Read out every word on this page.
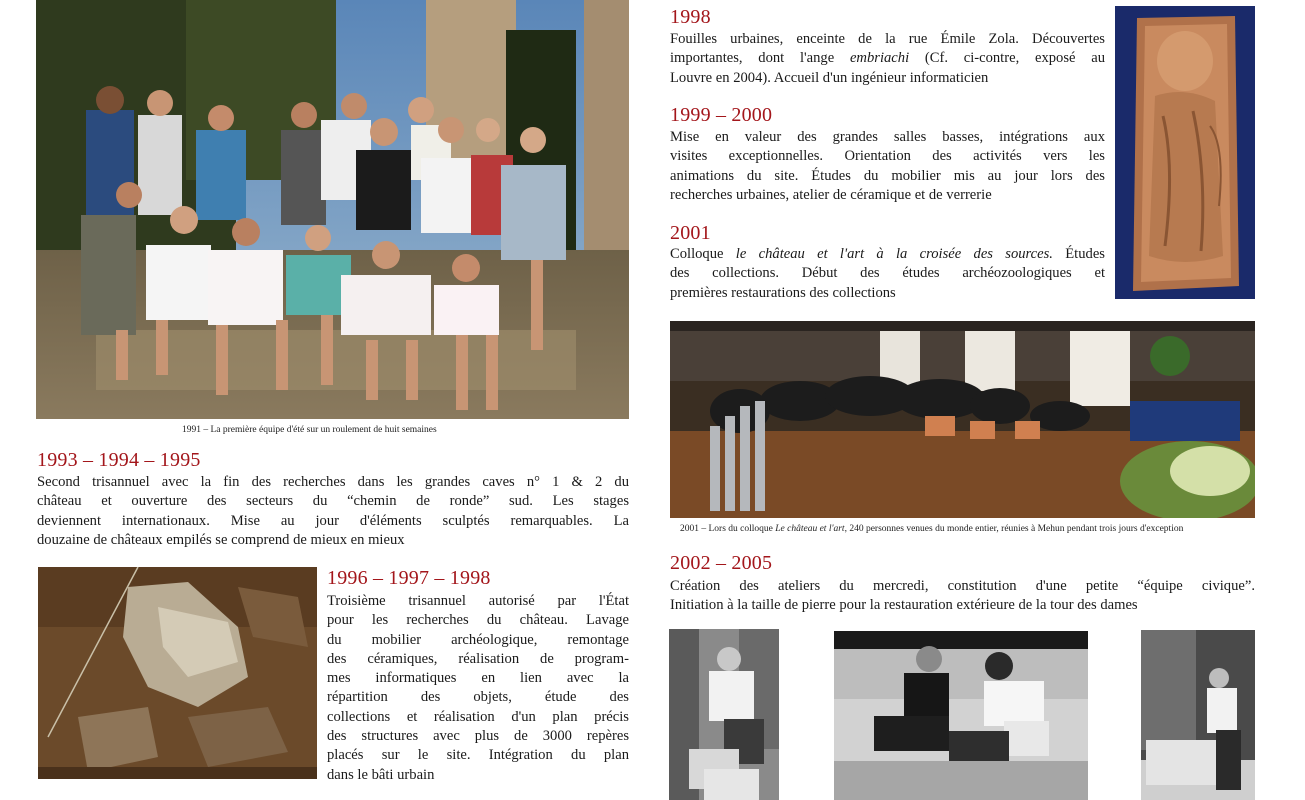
1991 – La première équipe d'été sur un roulement de huit semaines
1993 – 1994 – 1995
Second trisannuel avec la fin des recherches dans les grandes caves n° 1 & 2 du
château et ouverture des secteurs du “chemin de ronde” sud. Les stages
deviennent internationaux. Mise au jour d'éléments sculptés remarquables. La
douzaine de châteaux empilés se comprend de mieux en mieux
1996 – 1997 – 1998
Troisième trisannuel autorisé par l'État
pour les recherches du château. Lavage
du mobilier archéologique, remontage
des céramiques, réalisation de program-
mes informatiques en lien avec la
répartition des objets, étude des
collections et réalisation d'un plan précis
des structures avec plus de 3000 repères
placés sur le site. Intégration du plan
dans le bâti urbain
1998
Fouilles urbaines, enceinte de la rue Émile Zola. Découvertes
importantes, dont l'ange embriachi (Cf. ci-contre, exposé au
Louvre en 2004). Accueil d'un ingénieur informaticien
1999 – 2000
Mise en valeur des grandes salles basses, intégrations aux
visites exceptionnelles. Orientation des activités vers les
animations du site. Études du mobilier mis au jour lors des
recherches urbaines, atelier de céramique et de verrerie
2001
Colloque le château et l'art à la croisée des sources. Études
des collections. Début des études archéozoologiques et
premières restaurations des collections
2001 – Lors du colloque Le château et l'art, 240 personnes venues du monde entier, réunies à Mehun pendant trois jours d'exception
2002 – 2005
Création des ateliers du mercredi, constitution d'une petite “équipe civique”.
Initiation à la taille de pierre pour la restauration extérieure de la tour des dames
